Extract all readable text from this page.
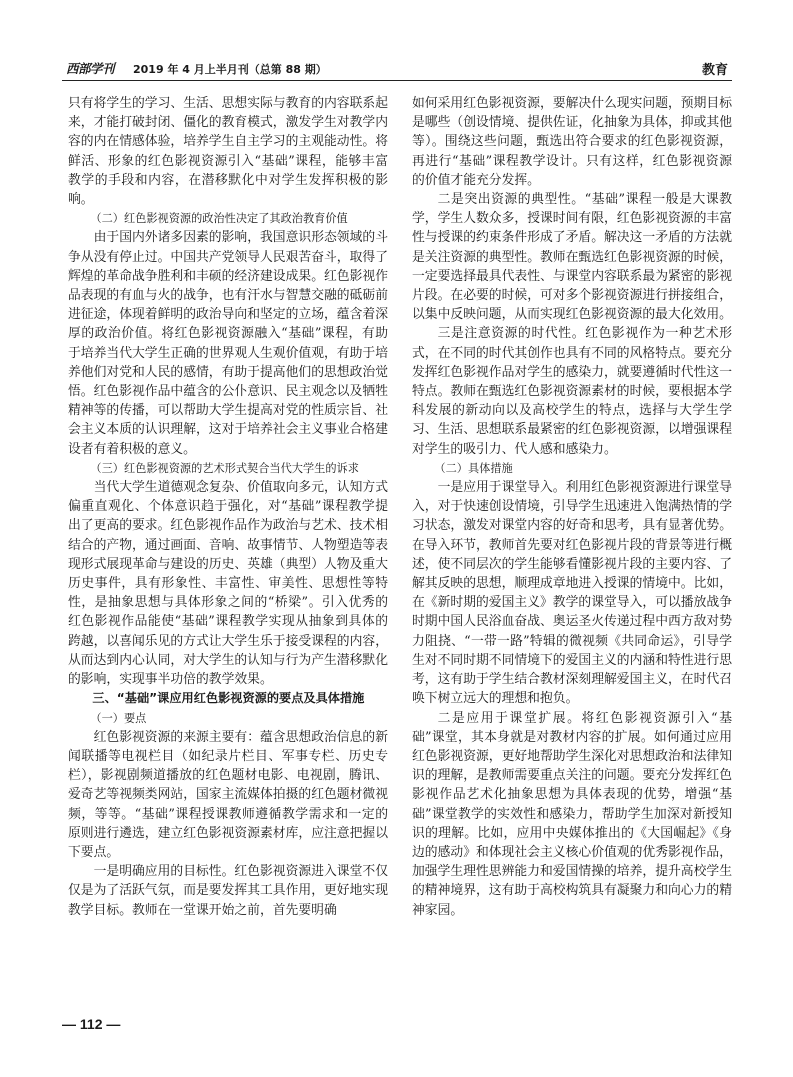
西部学刊 2019 年 4 月上半月刊（总第 88 期）	教育

只有将学生的学习、生活、思想实际与教育的内容联系起来，才能打破封闭、僵化的教育模式，激发学生对教学内容的内在情感体验，培养学生自主学习的主观能动性。将鲜活、形象的红色影视资源引入“基础”课程，能够丰富教学的手段和内容，在潜移默化中对学生发挥积极的影响。

（二）红色影视资源的政治性决定了其政治教育价值

由于国内外诸多因素的影响，我国意识形态领域的斗争从没有停止过。中国共产党领导人民艰苦奋斗，取得了辉煌的革命战争胜利和丰硕的经济建设成果。红色影视作品表现的有血与火的战争，也有汗水与智慧交融的砥砺前进征途，体现着鲜明的政治导向和坚定的立场，蕴含着深厚的政治价值。将红色影视资源融入“基础”课程，有助于培养当代大学生正确的世界观人生观价值观，有助于培养他们对党和人民的感情，有助于提高他们的思想政治觉悟。红色影视作品中蕴含的公仆意识、民主观念以及牺牲精神等的传播，可以帮助大学生提高对党的性质宗旨、社会主义本质的认识理解，这对于培养社会主义事业合格建设者有着积极的意义。

（三）红色影视资源的艺术形式契合当代大学生的诉求

当代大学生道德观念复杂、价值取向多元，认知方式偏重直观化、个体意识趋于强化，对“基础”课程教学提出了更高的要求。红色影视作品作为政治与艺术、技术相结合的产物，通过画面、音响、故事情节、人物塑造等表现形式展现革命与建设的历史、英雄（典型）人物及重大历史事件，具有形象性、丰富性、审美性、思想性等特性，是抽象思想与具体形象之间的“桥梁”。引入优秀的红色影视作品能使“基础”课程教学实现从抽象到具体的跨越，以喜闻乐见的方式让大学生乐于接受课程的内容，从而达到内心认同，对大学生的认知与行为产生潜移默化的影响，实现事半功倍的教学效果。

三、“基础”课应用红色影视资源的要点及具体措施

（一）要点

红色影视资源的来源主要有：蕴含思想政治信息的新闻联播等电视栏目（如纪录片栏目、军事专栏、历史专栏），影视剧频道播放的红色题材电影、电视剧，腾讯、爱奇艺等视频类网站，国家主流媒体拍摄的红色题材微视频，等等。“基础”课程授课教师遵循教学需求和一定的原则进行遴选，建立红色影视资源素材库，应注意把握以下要点。

一是明确应用的目标性。红色影视资源进入课堂不仅仅是为了活跃气氛，而是要发挥其工具作用，更好地实现教学目标。教师在一堂课开始之前，首先要明确

如何采用红色影视资源，要解决什么现实问题，预期目标是哪些（创设情境、提供佐证，化抽象为具体，抑或其他等）。围绕这些问题，甄选出符合要求的红色影视资源，再进行“基础”课程教学设计。只有这样，红色影视资源的价值才能充分发挥。

二是突出资源的典型性。“基础”课程一般是大课教学，学生人数众多，授课时间有限，红色影视资源的丰富性与授课的约束条件形成了矛盾。解决这一矛盾的方法就是关注资源的典型性。教师在甄选红色影视资源的时候，一定要选择最具代表性、与课堂内容联系最为紧密的影视片段。在必要的时候，可对多个影视资源进行拼接组合，以集中反映问题，从而实现红色影视资源的最大化效用。

三是注意资源的时代性。红色影视作为一种艺术形式，在不同的时代其创作也具有不同的风格特点。要充分发挥红色影视作品对学生的感染力，就要遵循时代性这一特点。教师在甄选红色影视资源素材的时候，要根据本学科发展的新动向以及高校学生的特点，选择与大学生学习、生活、思想联系最紧密的红色影视资源，以增强课程对学生的吸引力、代人感和感染力。

（二）具体措施

一是应用于课堂导入。利用红色影视资源进行课堂导入，对于快速创设情境，引导学生迅速进入饱满热情的学习状态，激发对课堂内容的好奇和思考，具有显著优势。在导入环节，教师首先要对红色影视片段的背景等进行概述，使不同层次的学生能够看懂影视片段的主要内容、了解其反映的思想，顺理成章地进入授课的情境中。比如，在《新时期的爱国主义》教学的课堂导入，可以播放战争时期中国人民浴血奋战、奥运圣火传递过程中西方敌对势力阻挠、“一带一路”特辑的微视频《共同命运》，引导学生对不同时期不同情境下的爱国主义的内涵和特性进行思考，这有助于学生结合教材深刻理解爱国主义，在时代召唤下树立远大的理想和抱负。

二是应用于课堂扩展。将红色影视资源引入“基础”课堂，其本身就是对教材内容的扩展。如何通过应用红色影视资源，更好地帮助学生深化对思想政治和法律知识的理解，是教师需要重点关注的问题。要充分发挥红色影视作品艺术化抽象思想为具体表现的优势，增强“基础”课堂教学的实效性和感染力，帮助学生加深对新授知识的理解。比如，应用中央媒体推出的《大国崛起》《身边的感动》和体现社会主义核心价值观的优秀影视作品，加强学生理性思辨能力和爱国情操的培养，提升高校学生的精神境界，这有助于高校构筑具有凝聚力和向心力的精神家园。

— 112 —
